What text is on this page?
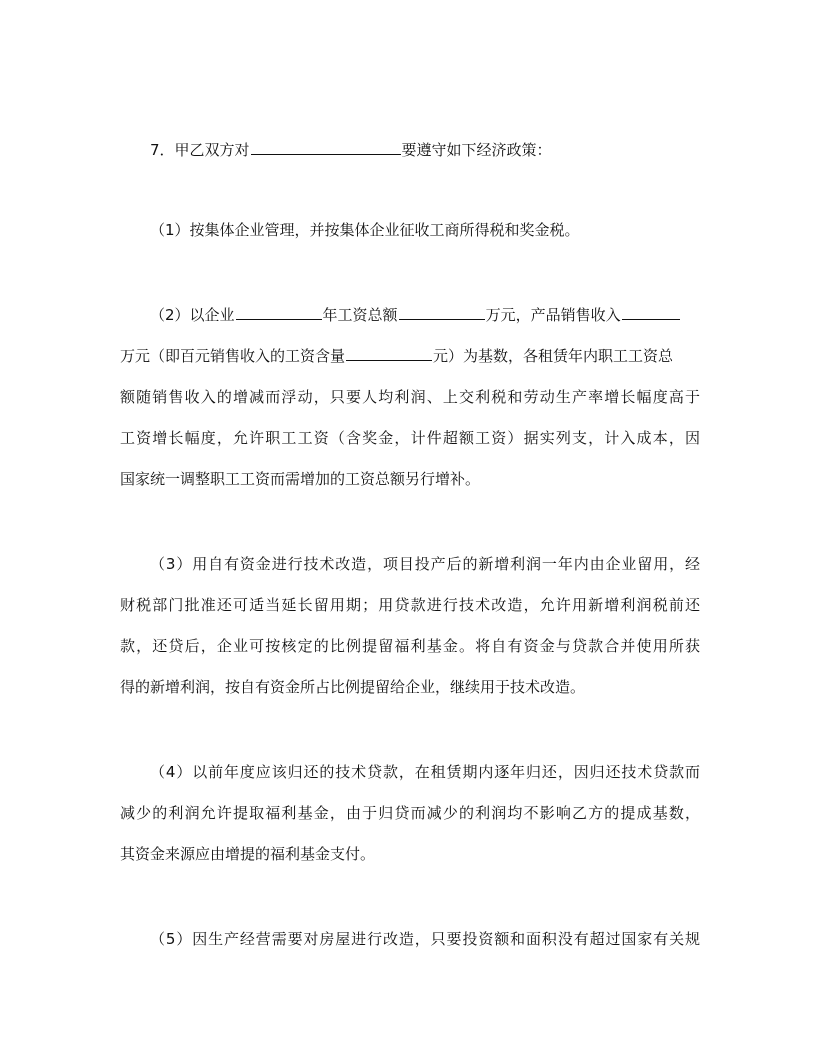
7．甲乙双方对	要遵守如下经济政策：
（1）按集体企业管理，并按集体企业征收工商所得税和奖金税。
（2）以企业	年工资总额	万元，产品销售收入
万元（即百元销售收入的工资含量	元）为基数，各租赁年内职工工资总
额随销售收入的增减而浮动，只要人均利润、上交利税和劳动生产率增长幅度高于
工资增长幅度，允许职工工资（含奖金，计件超额工资）据实列支，计入成本，因
国家统一调整职工工资而需增加的工资总额另行增补。
（3）用自有资金进行技术改造，项目投产后的新增利润一年内由企业留用，经
财税部门批准还可适当延长留用期；用贷款进行技术改造，允许用新增利润税前还
款，还贷后，企业可按核定的比例提留福利基金。将自有资金与贷款合并使用所获
得的新增利润，按自有资金所占比例提留给企业，继续用于技术改造。
（4）以前年度应该归还的技术贷款，在租赁期内逐年归还，因归还技术贷款而
减少的利润允许提取福利基金，由于归贷而减少的利润均不影响乙方的提成基数，
其资金来源应由增提的福利基金支付。
（5）因生产经营需要对房屋进行改造，只要投资额和面积没有超过国家有关规
